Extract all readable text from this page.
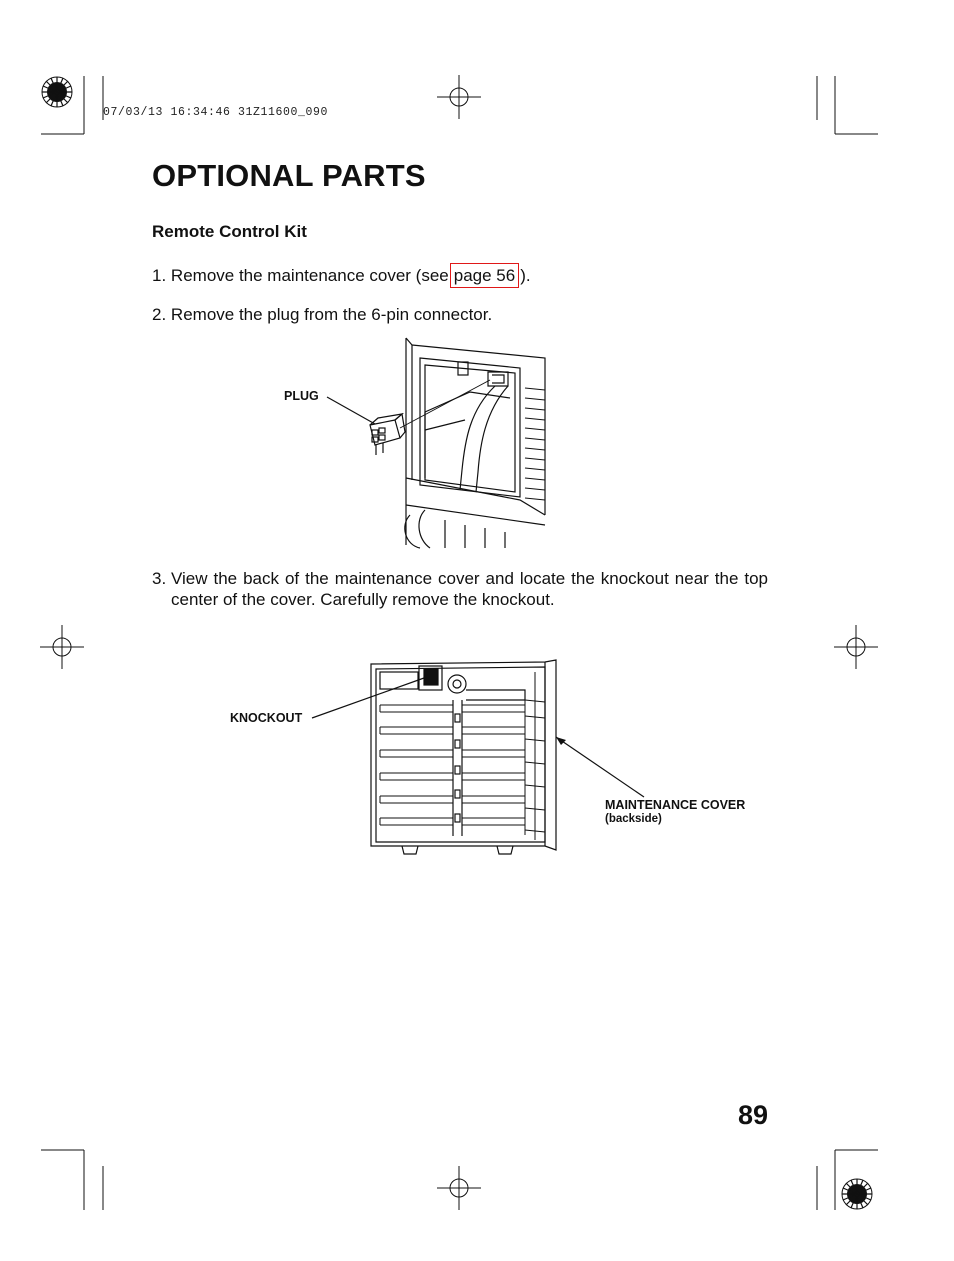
07/03/13 16:34:46 31Z11600_090
OPTIONAL PARTS
Remote Control Kit
1. Remove the maintenance cover (see page 56 ).
2. Remove the plug from the 6-pin connector.
PLUG
3. View the back of the maintenance cover and locate the knockout near the top center of the cover. Carefully remove the knockout.
KNOCKOUT
MAINTENANCE COVER
(backside)
89
